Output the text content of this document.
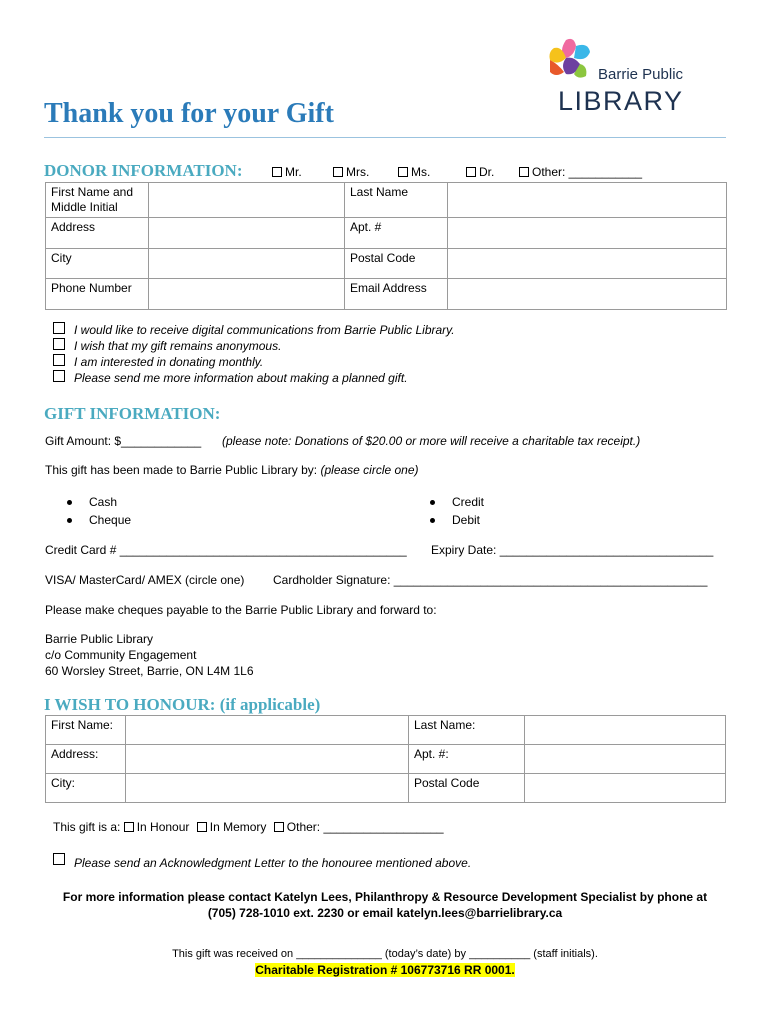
Barrie Public
LIBRARY
Thank you for your Gift
DONOR INFORMATION:	Mr.	Mrs.	Ms.	Dr.	Other: ___________
First Name and Middle Initial		Last Name	
Address		Apt. #	
City		Postal Code	
Phone Number		Email Address	
I would like to receive digital communications from Barrie Public Library.
I wish that my gift remains anonymous.
I am interested in donating monthly.
Please send me more information about making a planned gift.
GIFT INFORMATION:
Gift Amount: $____________ (please note: Donations of $20.00 or more will receive a charitable tax receipt.)
This gift has been made to Barrie Public Library by: (please circle one)
Cash
Cheque
Credit
Debit
Credit Card # ___________________________________________ Expiry Date: ________________________________
VISA/ MasterCard/ AMEX (circle one) Cardholder Signature: _______________________________________________
Please make cheques payable to the Barrie Public Library and forward to:
Barrie Public Library
c/o Community Engagement
60 Worsley Street, Barrie, ON L4M 1L6
I WISH TO HONOUR: (if applicable)
First Name:		Last Name:	
Address:		Apt. #:	
City:		Postal Code	
This gift is a: In Honour In Memory Other: __________________
Please send an Acknowledgment Letter to the honouree mentioned above.
For more information please contact Katelyn Lees, Philanthropy & Resource Development Specialist by phone at
(705) 728-1010 ext. 2230 or email katelyn.lees@barrielibrary.ca
This gift was received on ______________ (today’s date) by __________ (staff initials).
Charitable Registration # 106773716 RR 0001.
